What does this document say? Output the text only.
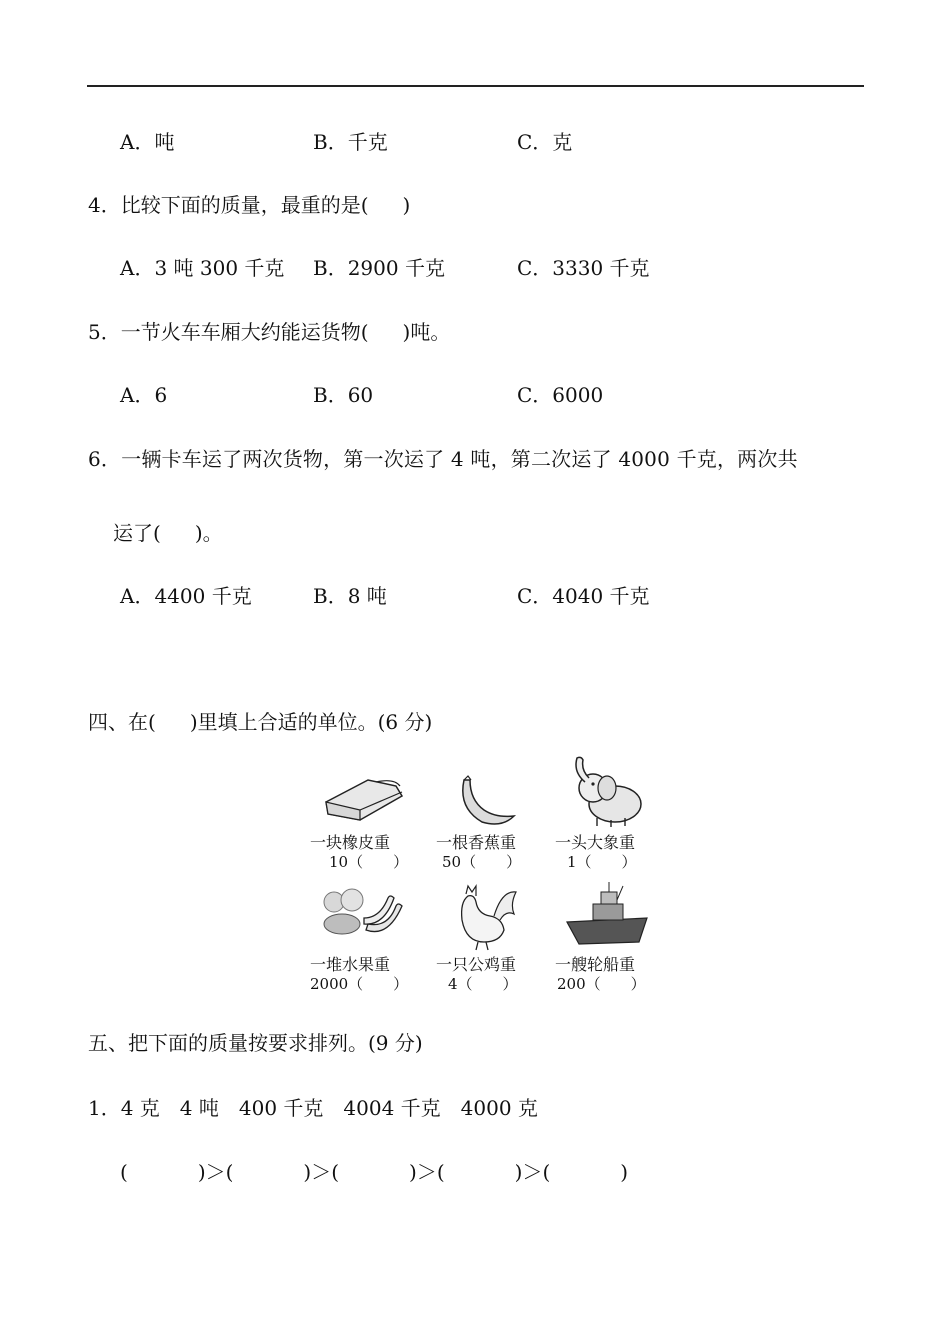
A．吨	B．千克	C．克
4．比较下面的质量，最重的是( )
A．3 吨 300 千克 B．2900 千克	C．3330 千克
5．一节火车车厢大约能运货物( )吨。
A．6	B．60	C．6000
6．一辆卡车运了两次货物，第一次运了 4 吨，第二次运了 4000 千克，两次共
运了( )。
A．4400 千克	B．8 吨	C．4040 千克
四、在( )里填上合适的单位。(6 分)
一块橡皮重
10（　　）
一根香蕉重
50（　　）
一头大象重
1（　　）
一堆水果重
2000（　　）
一只公鸡重
4（　　）
一艘轮船重
200（　　）
五、把下面的质量按要求排列。(9 分)
1．4 克　4 吨　400 千克　4004 千克　4000 克
(	)＞(	)＞(	)＞(	)＞(	)
